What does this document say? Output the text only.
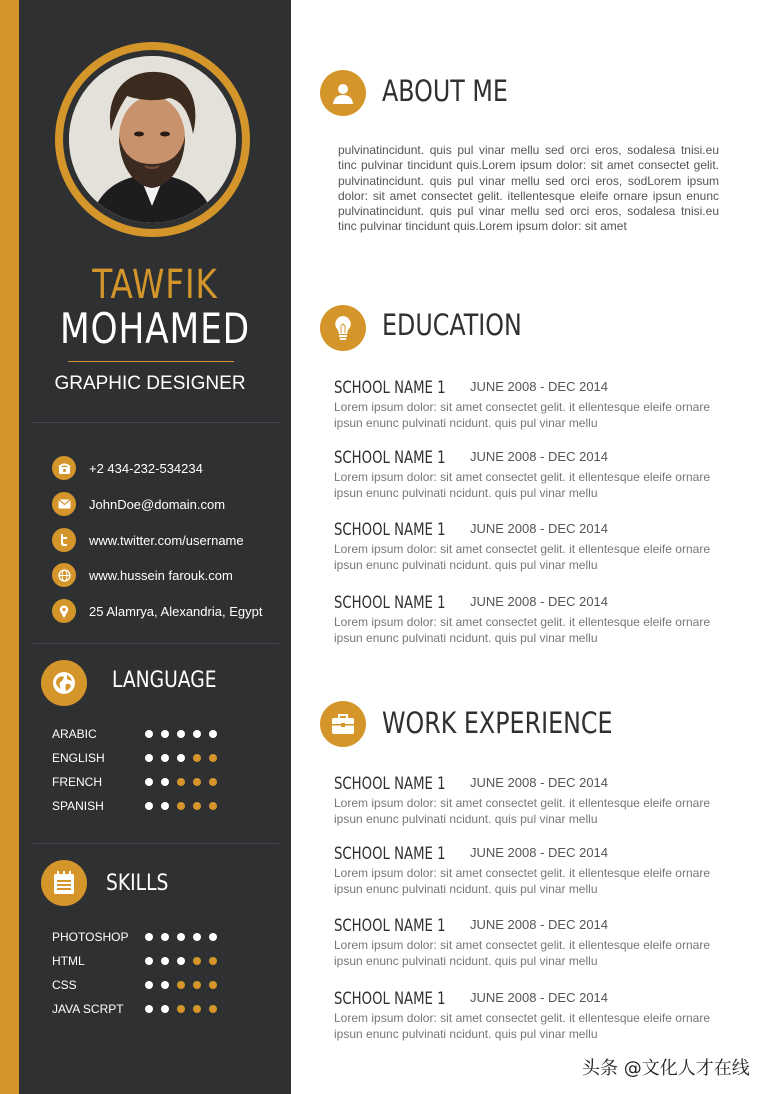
TAWFIK
MOHAMED
GRAPHIC DESIGNER
+2 434-232-534234
JohnDoe@domain.com
www.twitter.com/username
www.hussein farouk.com
25 Alamrya, Alexandria, Egypt
LANGUAGE
ARABIC
ENGLISH
FRENCH
SPANISH
SKILLS
PHOTOSHOP
HTML
CSS
JAVA SCRPT
ABOUT ME
pulvinatincidunt. quis pul vinar mellu sed orci eros, sodalesa tnisi.eu tinc pulvinar tincidunt quis.Lorem ipsum dolor: sit amet consectet gelit. pulvinatincidunt. quis pul vinar mellu sed orci eros, sodLorem ipsum dolor: sit amet consectet gelit. itellentesque eleife ornare ipsun enunc pulvinatincidunt. quis pul vinar mellu sed orci eros, sodalesa tnisi.eu tinc pulvinar tincidunt quis.Lorem ipsum dolor: sit amet
EDUCATION
SCHOOL NAME 1 JUNE 2008 - DEC 2014
Lorem ipsum dolor: sit amet consectet gelit. it ellentesque eleife ornare ipsun enunc pulvinati ncidunt. quis pul vinar mellu
SCHOOL NAME 1 JUNE 2008 - DEC 2014
Lorem ipsum dolor: sit amet consectet gelit. it ellentesque eleife ornare ipsun enunc pulvinati ncidunt. quis pul vinar mellu
SCHOOL NAME 1 JUNE 2008 - DEC 2014
Lorem ipsum dolor: sit amet consectet gelit. it ellentesque eleife ornare ipsun enunc pulvinati ncidunt. quis pul vinar mellu
SCHOOL NAME 1 JUNE 2008 - DEC 2014
Lorem ipsum dolor: sit amet consectet gelit. it ellentesque eleife ornare ipsun enunc pulvinati ncidunt. quis pul vinar mellu
WORK EXPERIENCE
SCHOOL NAME 1 JUNE 2008 - DEC 2014
Lorem ipsum dolor: sit amet consectet gelit. it ellentesque eleife ornare ipsun enunc pulvinati ncidunt. quis pul vinar mellu
SCHOOL NAME 1 JUNE 2008 - DEC 2014
Lorem ipsum dolor: sit amet consectet gelit. it ellentesque eleife ornare ipsun enunc pulvinati ncidunt. quis pul vinar mellu
SCHOOL NAME 1 JUNE 2008 - DEC 2014
Lorem ipsum dolor: sit amet consectet gelit. it ellentesque eleife ornare ipsun enunc pulvinati ncidunt. quis pul vinar mellu
SCHOOL NAME 1 JUNE 2008 - DEC 2014
Lorem ipsum dolor: sit amet consectet gelit. it ellentesque eleife ornare ipsun enunc pulvinati ncidunt. quis pul vinar mellu
头条 @文化人才在线
